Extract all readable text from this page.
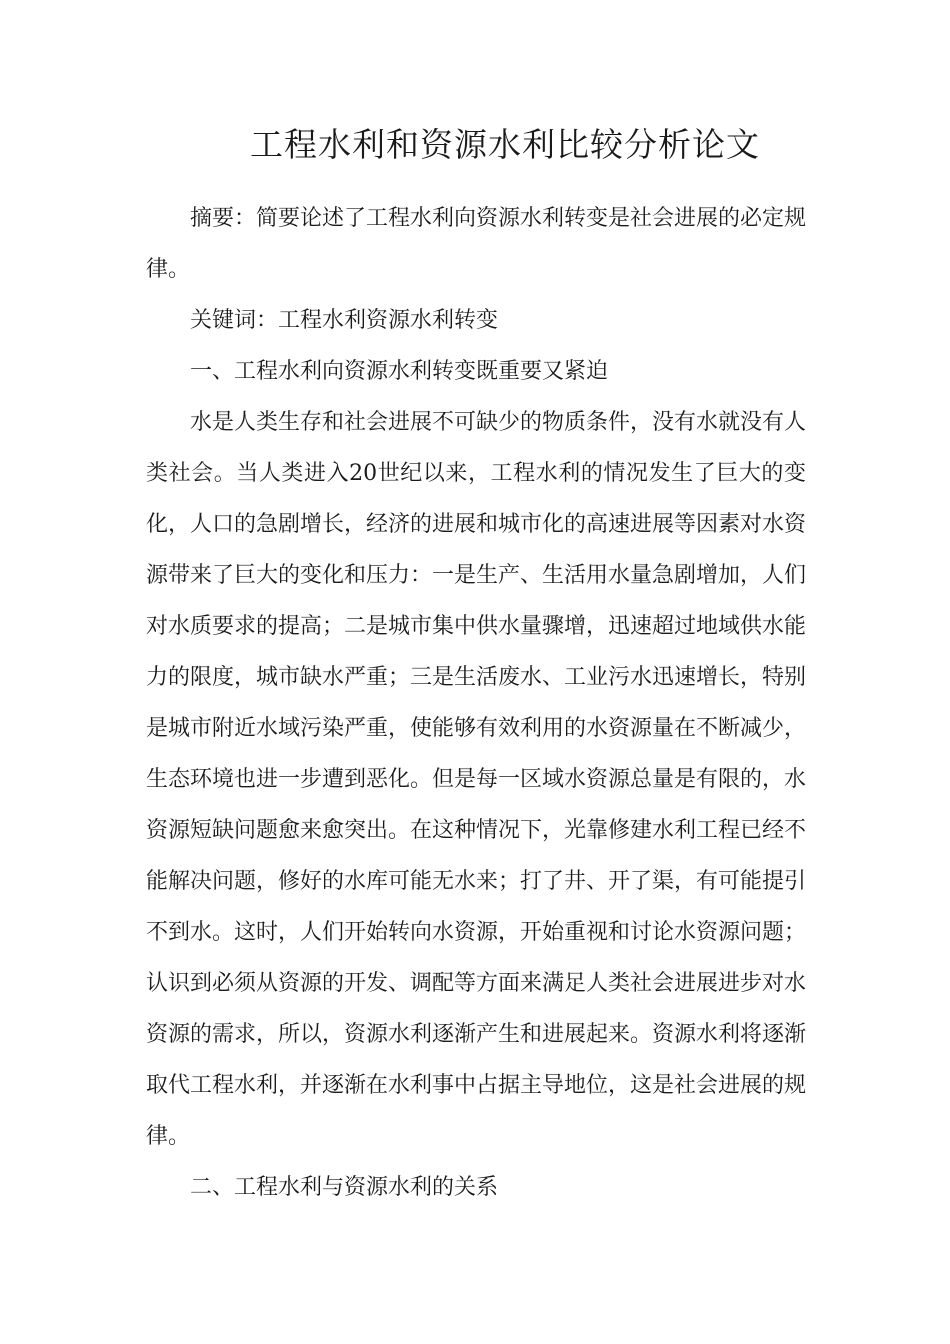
工程水利和资源水利比较分析论文

摘要：简要论述了工程水利向资源水利转变是社会进展的必定规律。

关键词：工程水利资源水利转变

一、工程水利向资源水利转变既重要又紧迫

水是人类生存和社会进展不可缺少的物质条件，没有水就没有人类社会。当人类进入20世纪以来，工程水利的情况发生了巨大的变化，人口的急剧增长，经济的进展和城市化的高速进展等因素对水资源带来了巨大的变化和压力：一是生产、生活用水量急剧增加，人们对水质要求的提高；二是城市集中供水量骤增，迅速超过地域供水能力的限度，城市缺水严重；三是生活废水、工业污水迅速增长，特别是城市附近水域污染严重，使能够有效利用的水资源量在不断减少，生态环境也进一步遭到恶化。但是每一区域水资源总量是有限的，水资源短缺问题愈来愈突出。在这种情况下，光靠修建水利工程已经不能解决问题，修好的水库可能无水来；打了井、开了渠，有可能提引不到水。这时，人们开始转向水资源，开始重视和讨论水资源问题；认识到必须从资源的开发、调配等方面来满足人类社会进展进步对水资源的需求，所以，资源水利逐渐产生和进展起来。资源水利将逐渐取代工程水利，并逐渐在水利事中占据主导地位，这是社会进展的规律。

二、工程水利与资源水利的关系
